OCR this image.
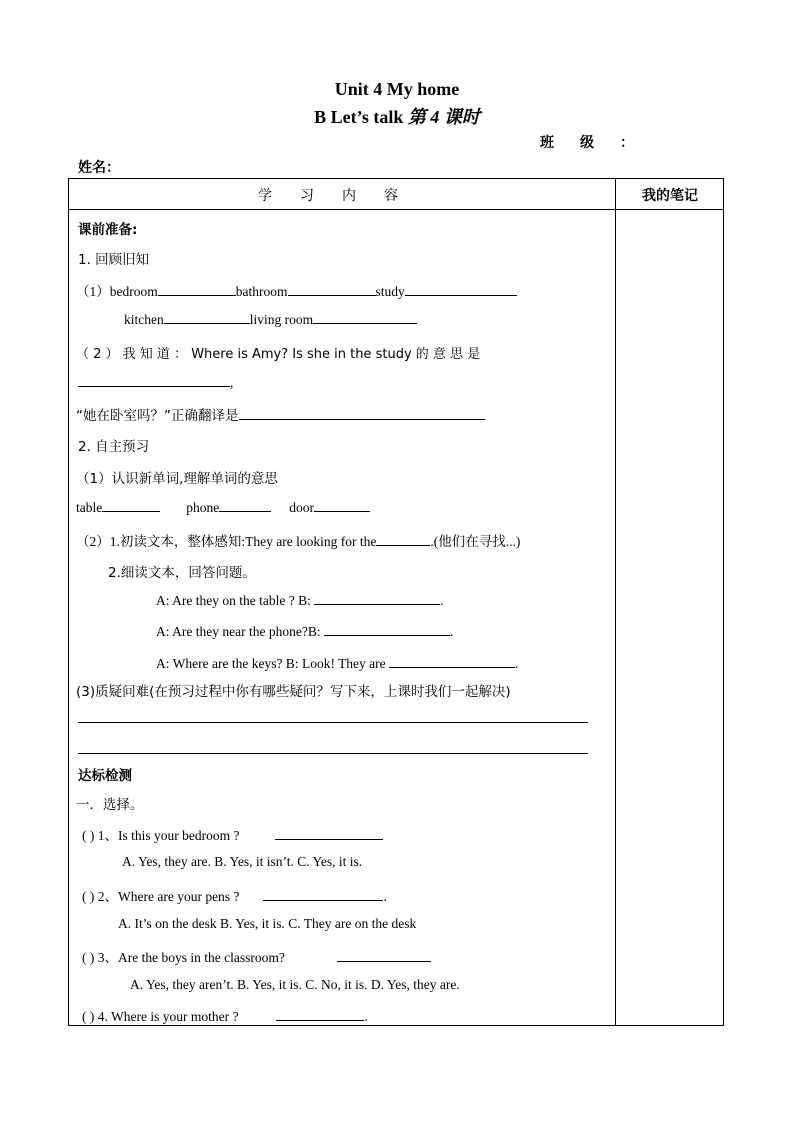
Unit 4 My home
B Let’s talk 第 4 课时
班级：
姓名：
学习内容	我的笔记
课前准备:
1. 回顾旧知
（1）bedroom	bathroom	study
kitchen	living room
（ 2 ） 我 知 道 ： Where is Amy? Is she in the study 的 意 思 是
,
“她在卧室吗？”正确翻译是
2. 自主预习
（1）认识新单词,理解单词的意思
table	phone	door
（2）1.初读文本，整体感知:They are looking for the	.(他们在寻找...)
2.细读文本，回答问题。
A: Are they on the table ? B:	.
A: Are they near the phone?B:	.
A: Where are the keys? B: Look! They are	.
(3)质疑问难(在预习过程中你有哪些疑问？写下来，上课时我们一起解决)
达标检测
一．选择。
( ) 1、Is this your bedroom ?
A. Yes, they are. B. Yes, it isn’t. C. Yes, it is.
( ) 2、Where are your pens ?	.
A. It’s on the desk B. Yes, it is. C. They are on the desk
( ) 3、Are the boys in the classroom?
A. Yes, they aren’t. B. Yes, it is. C. No, it is. D. Yes, they are.
( ) 4. Where is your mother ?	.
